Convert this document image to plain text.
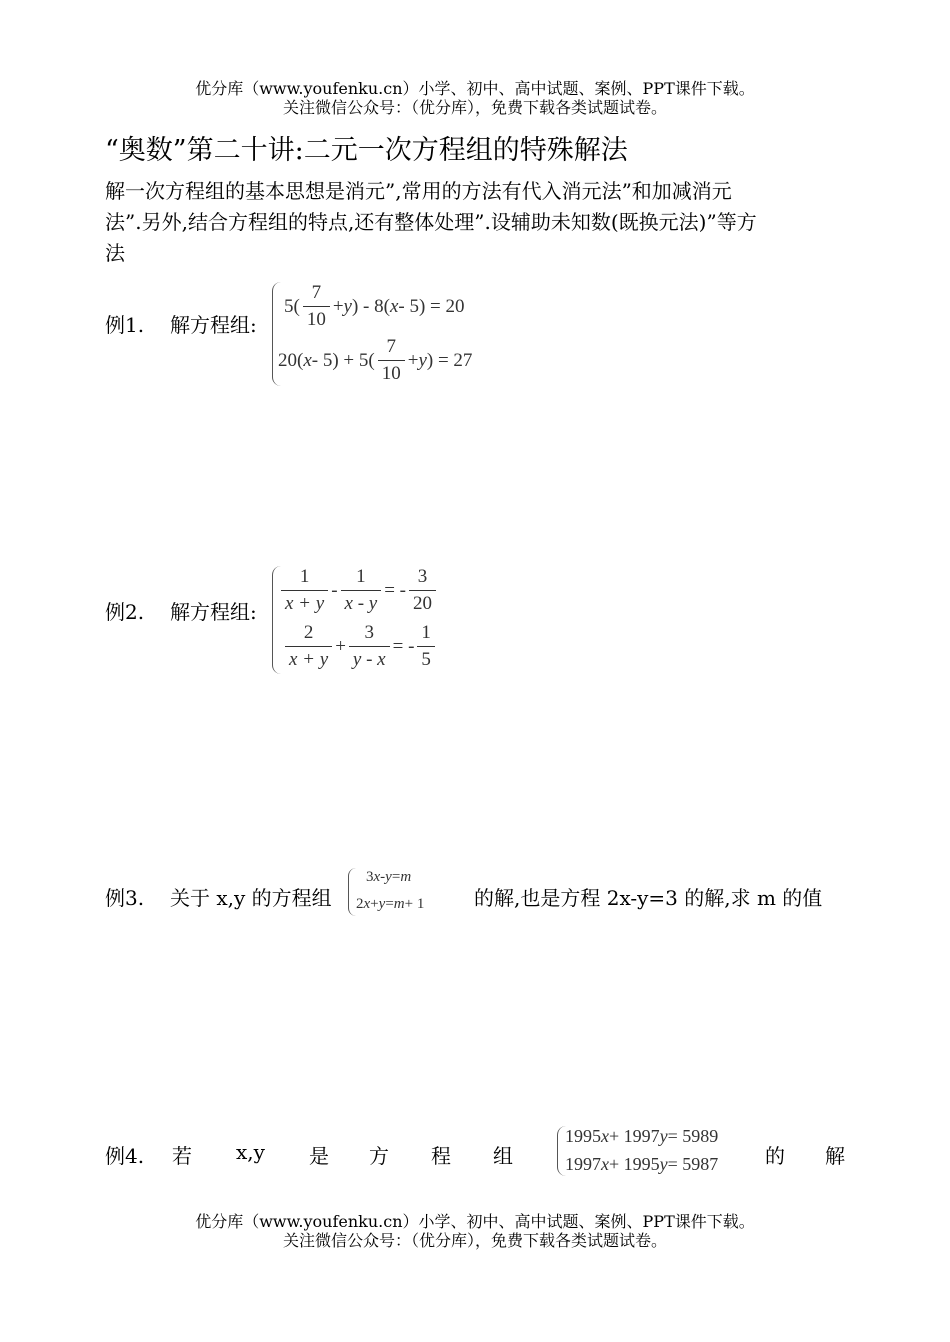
优分库（www.youfenku.cn）小学、初中、高中试题、案例、PPT课件下载。
关注微信公众号：（优分库），免费下载各类试题试卷。
“奥数”第二十讲:二元一次方程组的特殊解法

解一次方程组的基本思想是消元”,常用的方法有代入消元法”和加减消元

法”.另外,结合方程组的特点,还有整体处理”.设辅助未知数(既换元法)”等方

法

例1. 解方程组:
$5( \frac{7}{10} + y$ ) - 8( x - 5) = 20
20( $x - 5) + 5( \frac{7}{10} + y$ ) = 27
例2. 解方程组: $\frac{1}{x + y} - \frac{1}{x - y}$ = - $\frac{3}{20}$
$\frac{2}{x + y} + \frac{3}{y - x}$ = - $\frac{1}{5}$
例3. 关于 x,y 的方程组
3 x - y = m
2 x + y = m + 1 的解,也是方程 2x-y=3 的解,求 m 的值
例4. 若 x,y 是 方 程 组
1995 x + 1997 y = 5989
1997 x + 1995 y = 5987 的 解
优分库（www.youfenku.cn）小学、初中、高中试题、案例、PPT课件下载。
关注微信公众号：（优分库），免费下载各类试题试卷。
